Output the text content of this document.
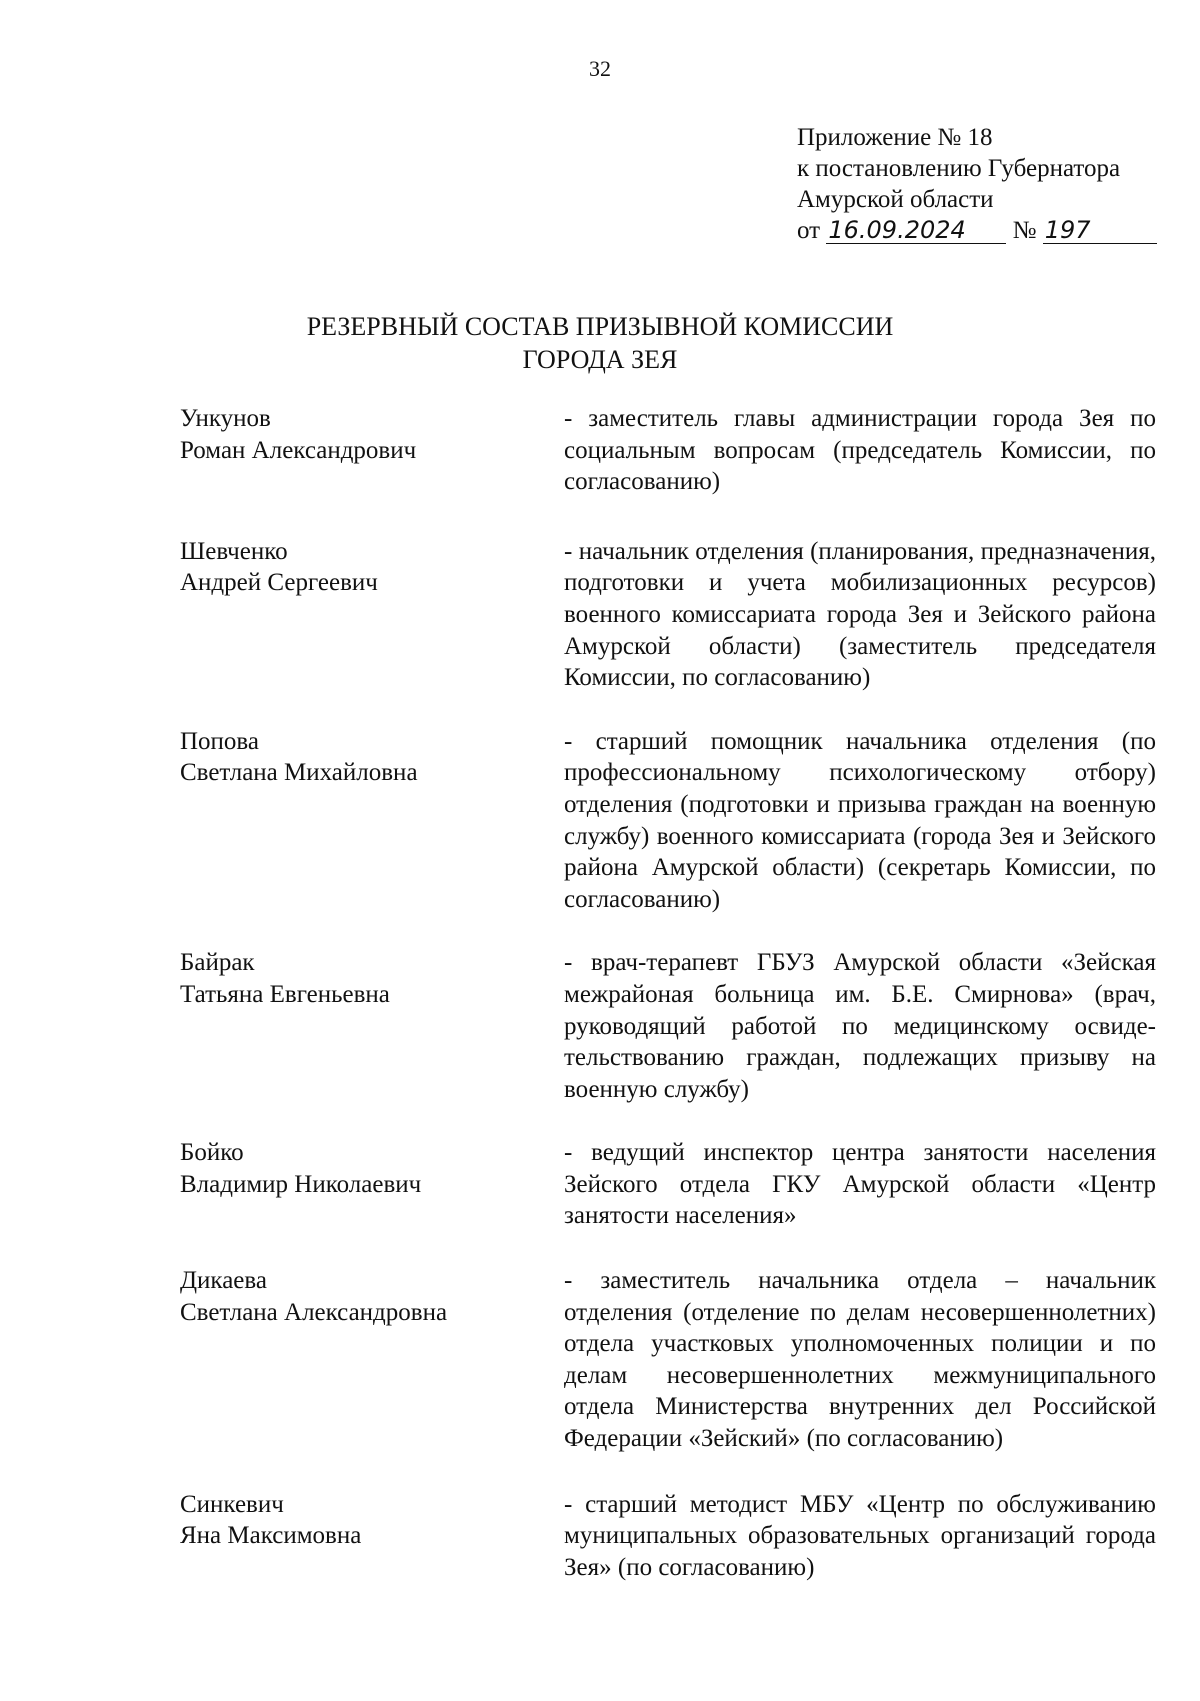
32
Приложение № 18
к постановлению Губернатора
Амурской области
от 16.09.2024 № 197
РЕЗЕРВНЫЙ СОСТАВ ПРИЗЫВНОЙ КОМИССИИ
ГОРОДА ЗЕЯ
Ункунов
Роман Александрович
- заместитель главы администрации города Зея по социальным вопросам (председатель Комиссии, по согласованию)
Шевченко
Андрей Сергеевич
- начальник отделения (планирования, предназначения, подготовки и учета мобилизационных ресурсов) военного комиссариата города Зея и Зейского района Амурской области) (заместитель председателя Комиссии, по согласованию)
Попова
Светлана Михайловна
- старший помощник начальника отделения (по профессиональному психологическому отбору) отделения (подготовки и призыва граждан на военную службу) военного комиссариата (города Зея и Зейского района Амурской области) (секретарь Комиссии, по согласованию)
Байрак
Татьяна Евгеньевна
- врач-терапевт ГБУЗ Амурской области «Зейская межрайоная больница им. Б.Е. Смирнова» (врач, руководящий работой по медицинскому освидетельствованию граждан, подлежащих призыву на военную службу)
Бойко
Владимир Николаевич
- ведущий инспектор центра занятости населения Зейского отдела ГКУ Амурской области «Центр занятости населения»
Дикаева
Светлана Александровна
- заместитель начальника отдела – начальник отделения (отделение по делам несовершеннолетних) отдела участковых уполномоченных полиции и по делам несовершеннолетних межмуниципального отдела Министерства внутренних дел Российской Федерации «Зейский» (по согласованию)
Синкевич
Яна Максимовна
- старший методист МБУ «Центр по обслуживанию муниципальных образовательных организаций города Зея» (по согласованию)
